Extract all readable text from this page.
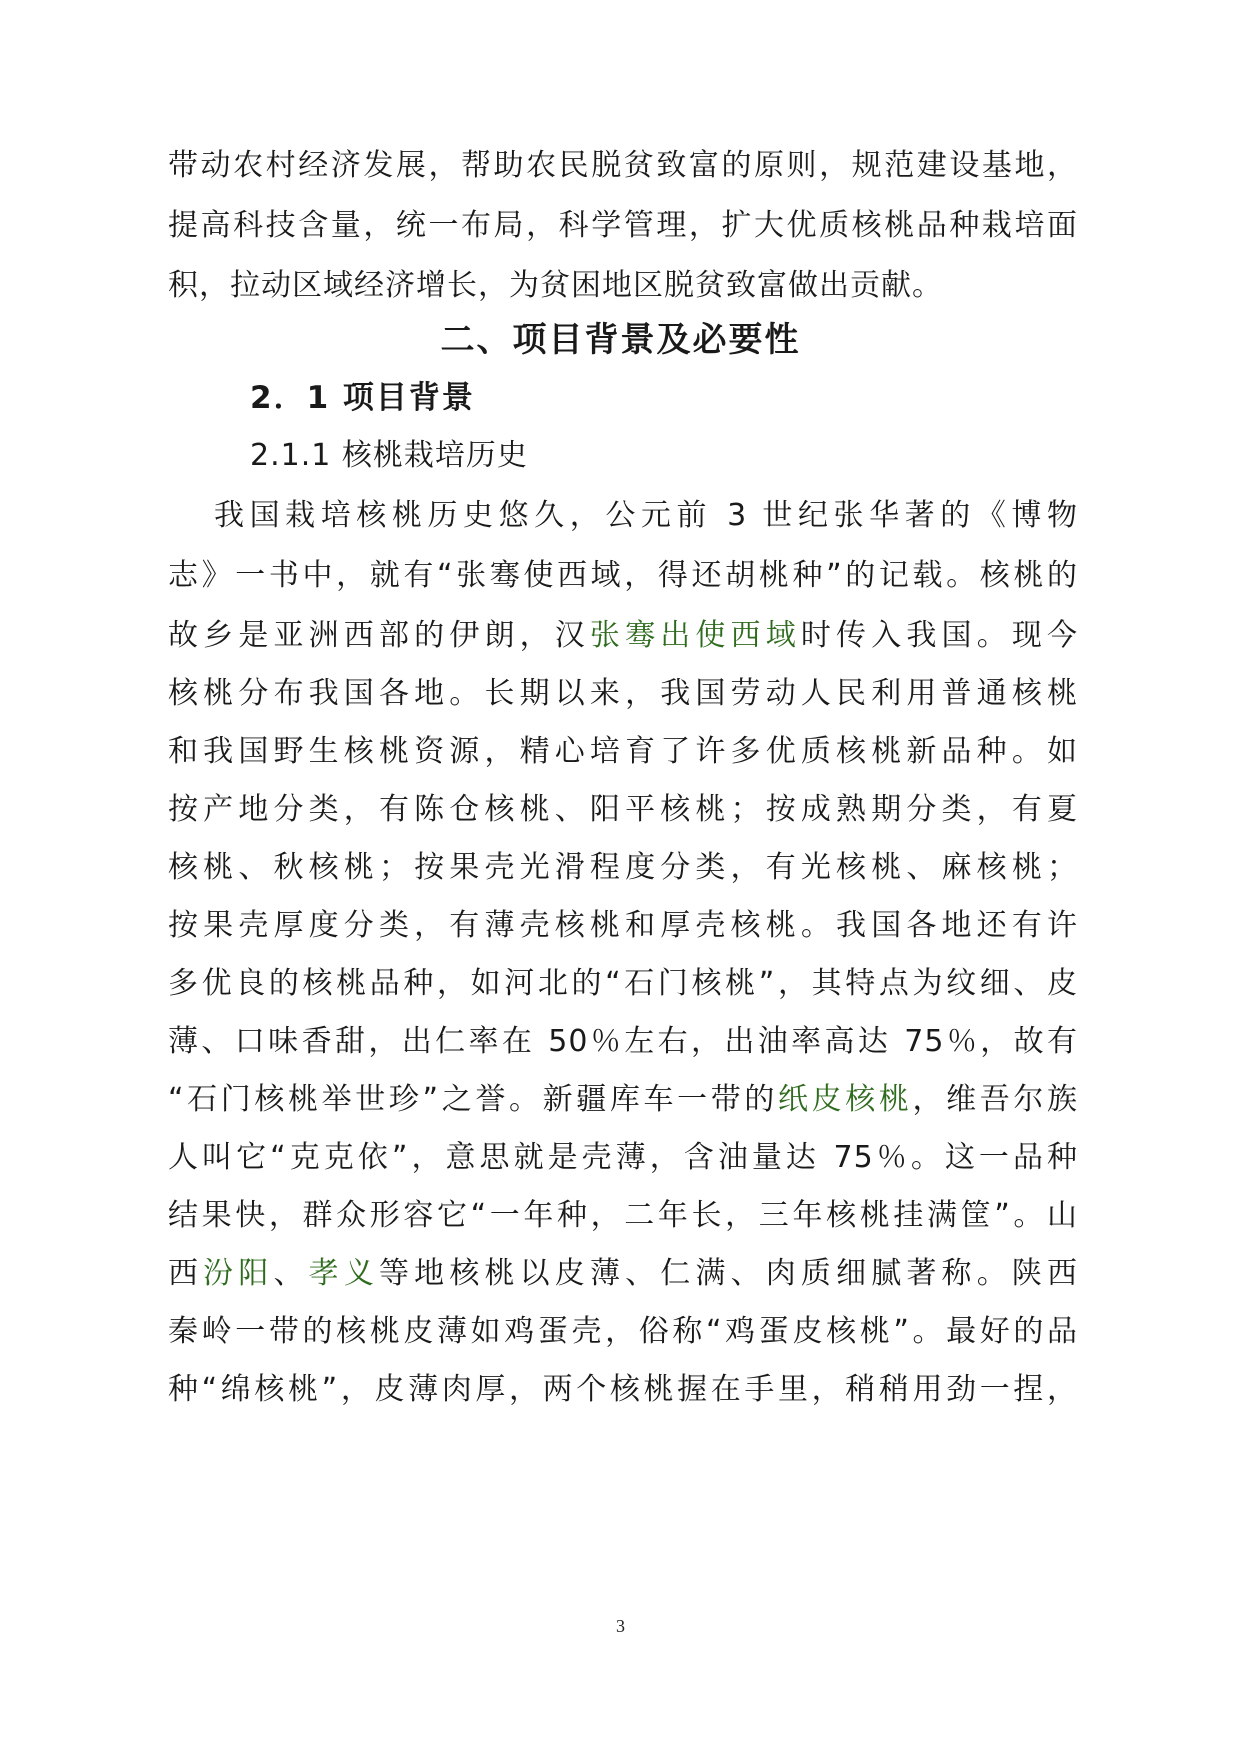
带动农村经济发展，帮助农民脱贫致富的原则，规范建设基地，
提高科技含量，统一布局，科学管理，扩大优质核桃品种栽培面
积，拉动区域经济增长，为贫困地区脱贫致富做出贡献。
二、项目背景及必要性
2．1 项目背景
2.1.1 核桃栽培历史
我国栽培核桃历史悠久，公元前 3 世纪张华著的《博物
志》一书中，就有“张骞使西域，得还胡桃种”的记载。核桃的
故乡是亚洲西部的伊朗，汉张骞出使西域时传入我国。现今
核桃分布我国各地。长期以来，我国劳动人民利用普通核桃
和我国野生核桃资源，精心培育了许多优质核桃新品种。如
按产地分类，有陈仓核桃、阳平核桃；按成熟期分类，有夏
核桃、秋核桃；按果壳光滑程度分类，有光核桃、麻核桃；
按果壳厚度分类，有薄壳核桃和厚壳核桃。我国各地还有许
多优良的核桃品种，如河北的“石门核桃”，其特点为纹细、皮
薄、口味香甜，出仁率在 50％左右，出油率高达 75％，故有
“石门核桃举世珍”之誉。新疆库车一带的纸皮核桃，维吾尔族
人叫它“克克依”，意思就是壳薄，含油量达 75％。这一品种
结果快，群众形容它“一年种，二年长，三年核桃挂满筐”。山
西汾阳、孝义等地核桃以皮薄、仁满、肉质细腻著称。陕西
秦岭一带的核桃皮薄如鸡蛋壳，俗称“鸡蛋皮核桃”。最好的品
种“绵核桃”，皮薄肉厚，两个核桃握在手里，稍稍用劲一捏，
3
